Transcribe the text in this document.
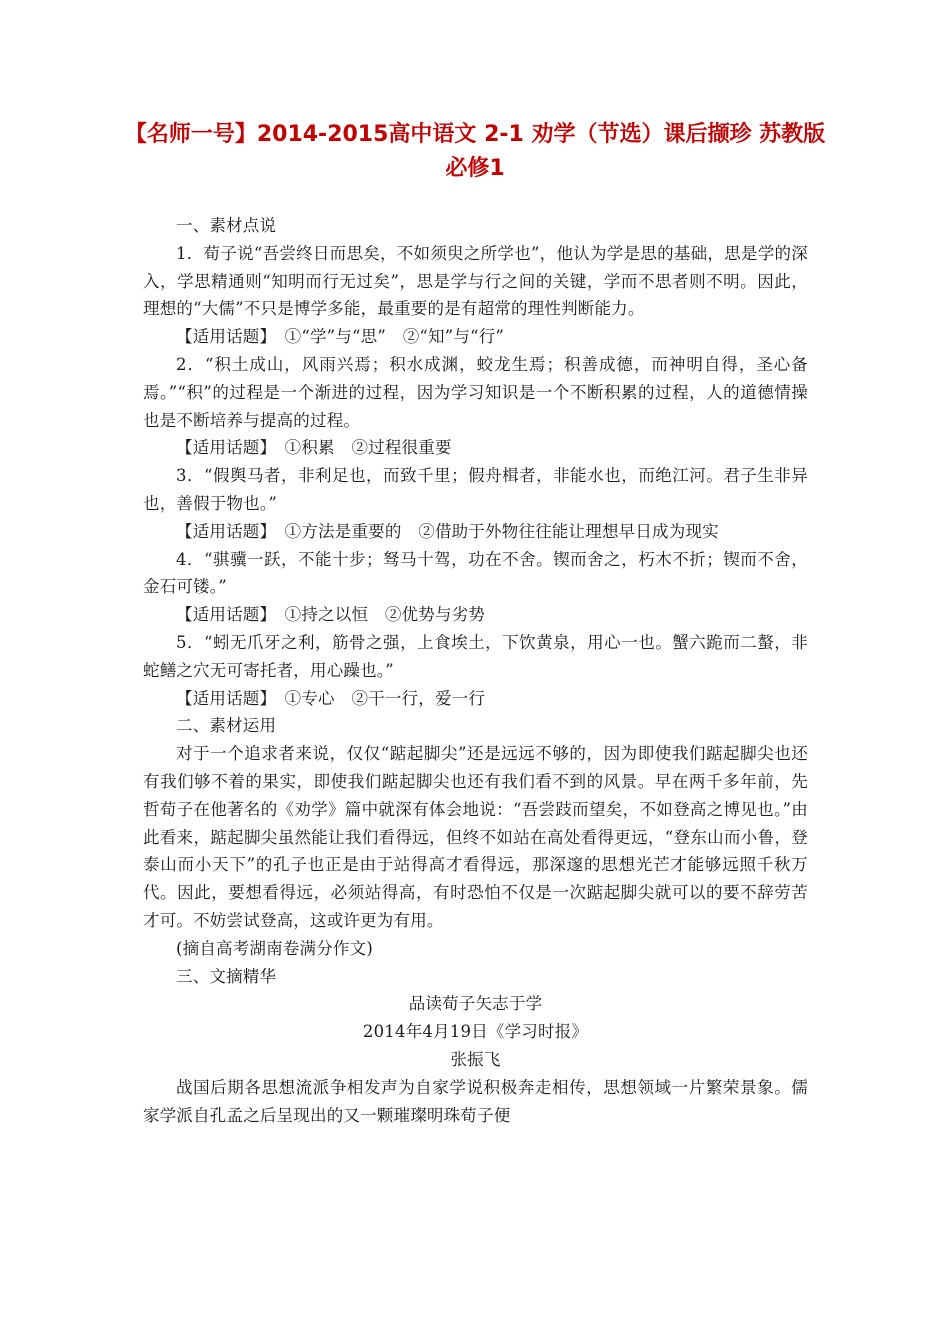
【名师一号】2014-2015高中语文 2-1 劝学（节选）课后撷珍 苏教版必修1

一、素材点说

1．荀子说“吾尝终日而思矣，不如须臾之所学也”，他认为学是思的基础，思是学的深入，学思精通则“知明而行无过矣”，思是学与行之间的关键，学而不思者则不明。因此，理想的“大儒”不只是博学多能，最重要的是有超常的理性判断能力。

【适用话题】　①“学”与“思”　②“知”与“行”

2．“积土成山，风雨兴焉；积水成渊，蛟龙生焉；积善成德，而神明自得，圣心备焉。”“积”的过程是一个渐进的过程，因为学习知识是一个不断积累的过程，人的道德情操也是不断培养与提高的过程。

【适用话题】　①积累　②过程很重要

3．“假舆马者，非利足也，而致千里；假舟楫者，非能水也，而绝江河。君子生非异也，善假于物也。”

【适用话题】　①方法是重要的　②借助于外物往往能让理想早日成为现实

4．“骐骥一跃，不能十步；驽马十驾，功在不舍。锲而舍之，朽木不折；锲而不舍，金石可镂。”

【适用话题】　①持之以恒　②优势与劣势

5．“蚓无爪牙之利，筋骨之强，上食埃土，下饮黄泉，用心一也。蟹六跪而二螯，非蛇鳝之穴无可寄托者，用心躁也。”

【适用话题】　①专心　②干一行，爱一行

二、素材运用

对于一个追求者来说，仅仅“踮起脚尖”还是远远不够的，因为即使我们踮起脚尖也还有我们够不着的果实，即使我们踮起脚尖也还有我们看不到的风景。早在两千多年前，先哲荀子在他著名的《劝学》篇中就深有体会地说：“吾尝跂而望矣，不如登高之博见也。”由此看来，踮起脚尖虽然能让我们看得远，但终不如站在高处看得更远，“登东山而小鲁，登泰山而小天下”的孔子也正是由于站得高才看得远，那深邃的思想光芒才能够远照千秋万代。因此，要想看得远，必须站得高，有时恐怕不仅是一次踮起脚尖就可以的要不辞劳苦才可。不妨尝试登高，这或许更为有用。

(摘自高考湖南卷满分作文)

三、文摘精华

品读荀子矢志于学

2014年4月19日《学习时报》

张振飞

战国后期各思想流派争相发声为自家学说积极奔走相传，思想领域一片繁荣景象。儒家学派自孔孟之后呈现出的又一颗璀璨明珠荀子便
